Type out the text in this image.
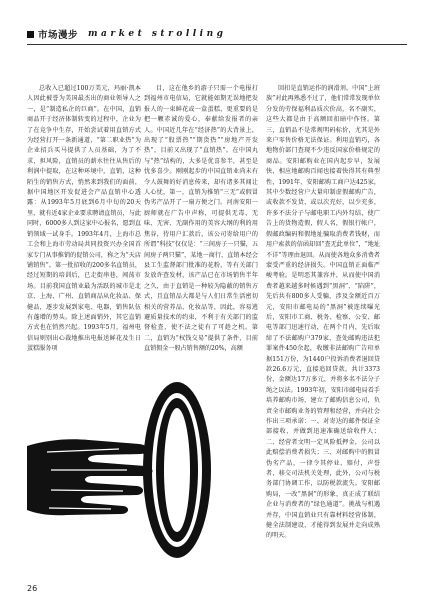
市场漫步 market strolling

总收入已超过100万美元，玛丽·凯本人因此被誉为美国最杰出的商业领导人之一，是“制造私企的巨商”。在中国，直销商品开于经济体制转变的过程中，企业为了在竞争中生存，开始尝试着用直销方式为经营打开一条新通道，“第二职业热”为企业招兵买马提供了人员基础，为了不求，担风险，直销员的薪水往往从售后的利润中提取，在这种环境中，直销，这种陌生的销售方式，悄然来到我们的面前，据中国地区开发促进会产品直销中心透露：从1993年5月底到6月中旬的20天里，就有近4家企业要求聘请直销员，与此同时，6000多人到这家中心报名，愿到直销领域一试身手。1993年4月，上海市总工会和上海市劳动局共同投资兴办全国首家专门从事推销的促销公司，称之为“天店铺销售”。第一批招收的200多名直销员，经过短期的培训后，已走街串巷，闯荡市场。目前我国直销业最为活跃的城市是北京、上海、广州、直销商品从化妆品、保健品，逐步发展到家电、电器，销售队伍有蓬增的势头。除上述面销外，其它直销方式也在悄然兴起。1993年5月，福州电信局则别出心裁地推出电报送鲜花及生日蛋糕服务项

目，这在他乡的游子只需一个电报打到福州市电信局，它就能如期无误地把发报人的一束鲜花或一盒蛋糕，更重要的是把一颗赤诚的爱心，奉献给发报者的亲人。中国近几年在“经济热”的大背景上，出现了“股票热”“期货热”“房地产开发热”，目前又出现了“直销热”。在中国丸与“热”结构的，大多是优喜参半，甚至是忧多喜少。刚刚起步的中国直销业尚未有令人鼓舞的好消息传来，却有诸多其闻让人心忧，第一，直销为推销“三无”或假冒伪劣产品开了一扇方便之门。河南安阳一厨师就在广告中声称，可提供无毒、无味、无害、无副作用的美容大纲的利的用焦谷，待用户汇款后，该公司寄给用户的所谓“科技”仅仅是：“三间房子一只猫，五间房子两只猫”，某地一商行，直销本经会县工生监督部门批准的花粉，等有关部门发放许查发材，该产品已在市场销售半年之久，由于直销是一种较为隐蔽的销售方式，且直销品大都是与人们日常生活密切相关的营养品、化妆品等，因此，容易逃避质量技术的约束，不利于有关部门的监督检查，使不法之徒有了可趁之机。第二，直销为“权钱交易”提供了条件，目前直销佣金一般占销售额的20%，高额

回扣是直销运作的润滑剂。中国“上班族”对此再熟悉不过了，他们常常发现单位分发的劳保福利品质次价高，名不副实，这些大都是由于高额回扣暗中作怪。第三，直销品不是常规明码标价，尤其是外来户零售价格无法保证。利用直销巧，各地物价部门查现不少违反国家价格规定的商品。安阳邮购业在国内起步早，发展快，相应地邮购百闻也接着快得其有典型性，1991年，安阳邮购工商户达425家，其中少数经营户大量印制虚假邮购广告，或收款不发货、或以次充好，以少充多，许多不法分子与邮电职工内外勾结，使广告上的货物造假，假人名，假银行帐户，假邮政编码和假地址骗取消费者钱财，而用户索款的信函却回“查无此单位”，“地址不详”等理由退回。从而使各地众多消费者蒙受严重的经济损失。中国直销正面临严峻考验。是明恶其兼容并，从而使中国消费者越来越多时候遇到“黑洞”、“陷阱”，先后共有800多人受骗，涉及金额近百万元，安阳市邮电局的“黑洞”被连续曝光后，安阳市工商、税务、检察、公安、邮电等部门迅速行动，在两个月内，先后取缔了不法邮购户379家，查处邮购违法犯罪案件450余起，收缴非法邮购广告印单据151万份，为1440户投诉消费者退回贷款26.6万元，直接追回贷款，共计3373份，金额达17万多元，并将多名不法分子绳之以法。1993年初，安阳市邮电局看手培养邮购市场，建立了邮购信息公司，负责全市邮购业务的管理和经营，并向社会作出三项承诺：一、对寄达的邮件保证全部接收，并做到迅速准确送给收件人；二、经营者文明一定风险抵押金，公司以此赔偿消费者损失；三、对邮购中的假冒伪劣产品，一律令其停业、赔付，声誉者，移交司法机关处理，此外，公司与税务部门协调工作，以防税款流失。安阳邮购局，一改“黑洞”的形象，真正成了联结企业与消费者的“绿色通道”。挑战与机遇并存，中国直销业只有靠材料经营体制，健全法制建设，才能得到发展并走向成熟的明天。

26
